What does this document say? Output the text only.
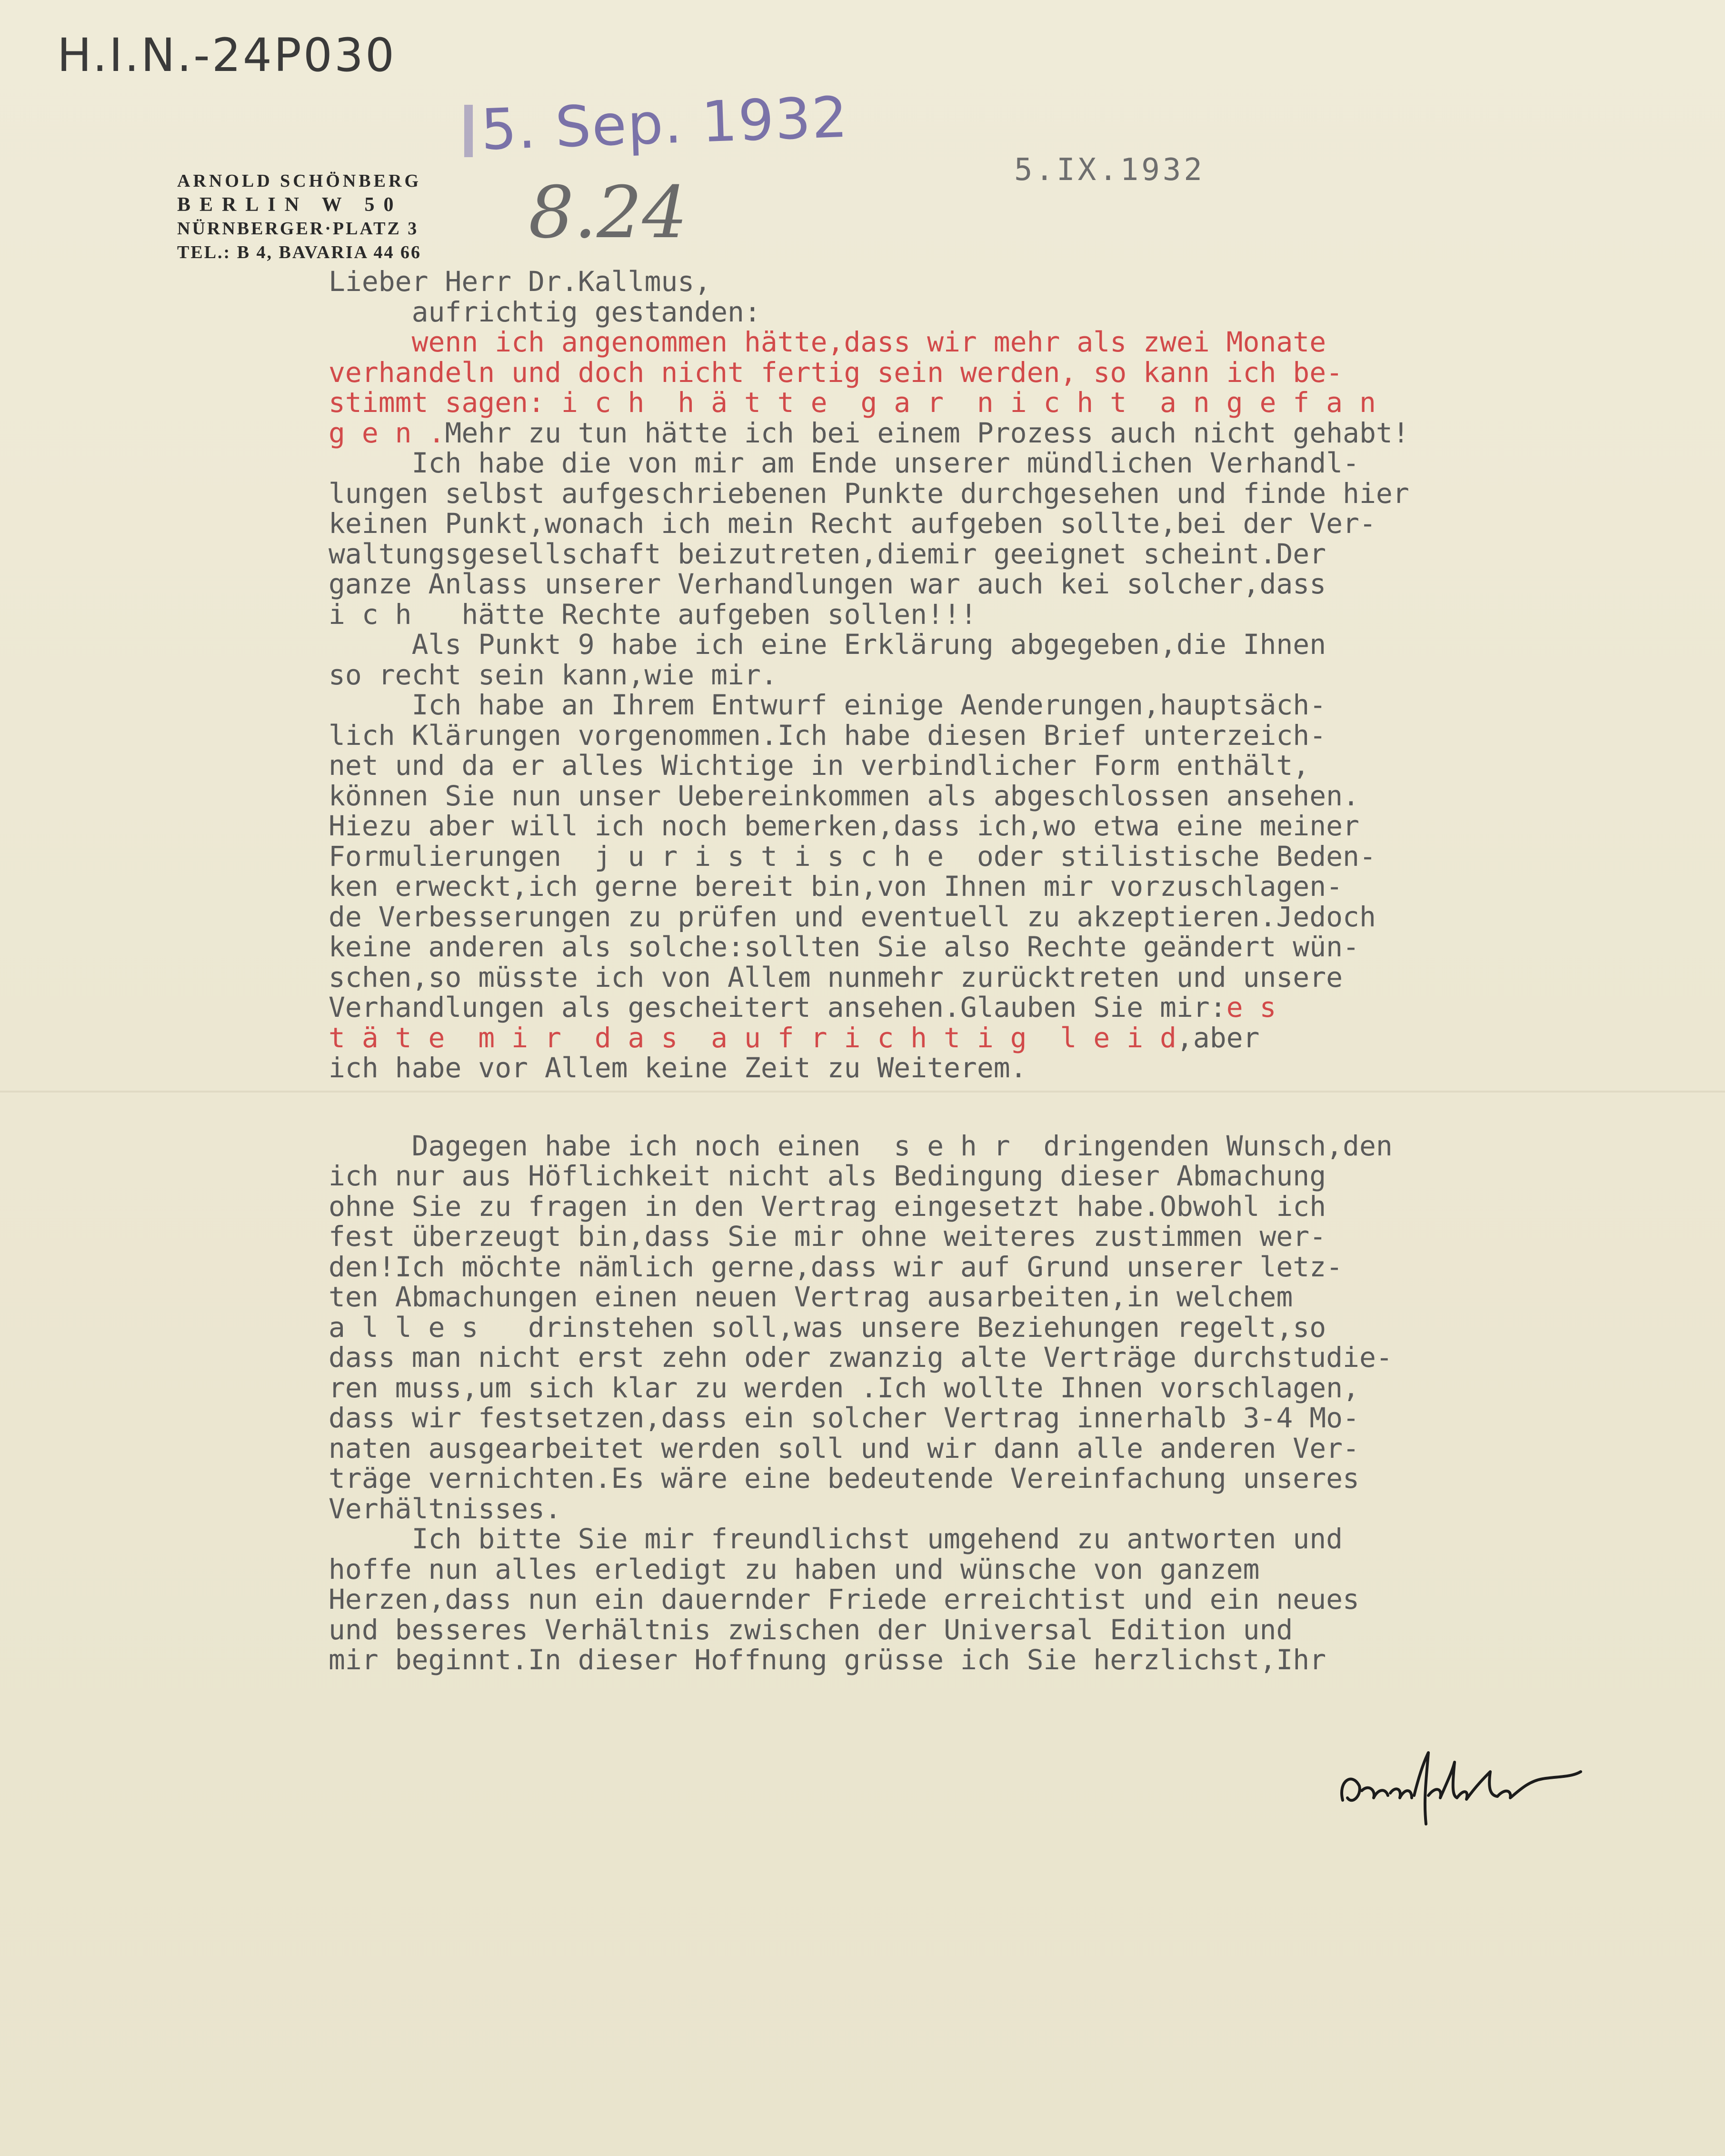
H.I.N.-24P030
5. Sep. 1932
8.24
ARNOLD SCHÖNBERG
BERLIN W 50
NÜRNBERGER·PLATZ 3
TEL.: B 4, BAVARIA 44 66
5.IX.1932
Lieber Herr Dr.Kallmus,
aufrichtig gestanden:
wenn ich angenommen hätte,dass wir mehr als zwei Monate
verhandeln und doch nicht fertig sein werden, so kann ich be-
stimmt sagen: i c h  h ä t t e  g a r  n i c h t  a n g e f a n
g e n .Mehr zu tun hätte ich bei einem Prozess auch nicht gehabt!
Ich habe die von mir am Ende unserer mündlichen Verhandl-
lungen selbst aufgeschriebenen Punkte durchgesehen und finde hier
keinen Punkt,wonach ich mein Recht aufgeben sollte,bei der Ver-
waltungsgesellschaft beizutreten,diemir geeignet scheint.Der
ganze Anlass unserer Verhandlungen war auch kei solcher,dass
i c h   hätte Rechte aufgeben sollen!!!
Als Punkt 9 habe ich eine Erklärung abgegeben,die Ihnen
so recht sein kann,wie mir.
Ich habe an Ihrem Entwurf einige Aenderungen,hauptsäch-
lich Klärungen vorgenommen.Ich habe diesen Brief unterzeich-
net und da er alles Wichtige in verbindlicher Form enthält,
können Sie nun unser Uebereinkommen als abgeschlossen ansehen.
Hiezu aber will ich noch bemerken,dass ich,wo etwa eine meiner
Formulierungen  j u r i s t i s c h e  oder stilistische Beden-
ken erweckt,ich gerne bereit bin,von Ihnen mir vorzuschlagen-
de Verbesserungen zu prüfen und eventuell zu akzeptieren.Jedoch
keine anderen als solche:sollten Sie also Rechte geändert wün-
schen,so müsste ich von Allem nunmehr zurücktreten und unsere
Verhandlungen als gescheitert ansehen.Glauben Sie mir:e s
t ä t e  m i r  d a s  a u f r i c h t i g  l e i d,aber
ich habe vor Allem keine Zeit zu Weiterem.
Dagegen habe ich noch einen  s e h r  dringenden Wunsch,den
ich nur aus Höflichkeit nicht als Bedingung dieser Abmachung
ohne Sie zu fragen in den Vertrag eingesetzt habe.Obwohl ich
fest überzeugt bin,dass Sie mir ohne weiteres zustimmen wer-
den!Ich möchte nämlich gerne,dass wir auf Grund unserer letz-
ten Abmachungen einen neuen Vertrag ausarbeiten,in welchem
a l l e s   drinstehen soll,was unsere Beziehungen regelt,so
dass man nicht erst zehn oder zwanzig alte Verträge durchstudie-
ren muss,um sich klar zu werden .Ich wollte Ihnen vorschlagen,
dass wir festsetzen,dass ein solcher Vertrag innerhalb 3-4 Mo-
naten ausgearbeitet werden soll und wir dann alle anderen Ver-
träge vernichten.Es wäre eine bedeutende Vereinfachung unseres
Verhältnisses.
Ich bitte Sie mir freundlichst umgehend zu antworten und
hoffe nun alles erledigt zu haben und wünsche von ganzem
Herzen,dass nun ein dauernder Friede erreichtist und ein neues
und besseres Verhältnis zwischen der Universal Edition und
mir beginnt.In dieser Hoffnung grüsse ich Sie herzlichst,Ihr
